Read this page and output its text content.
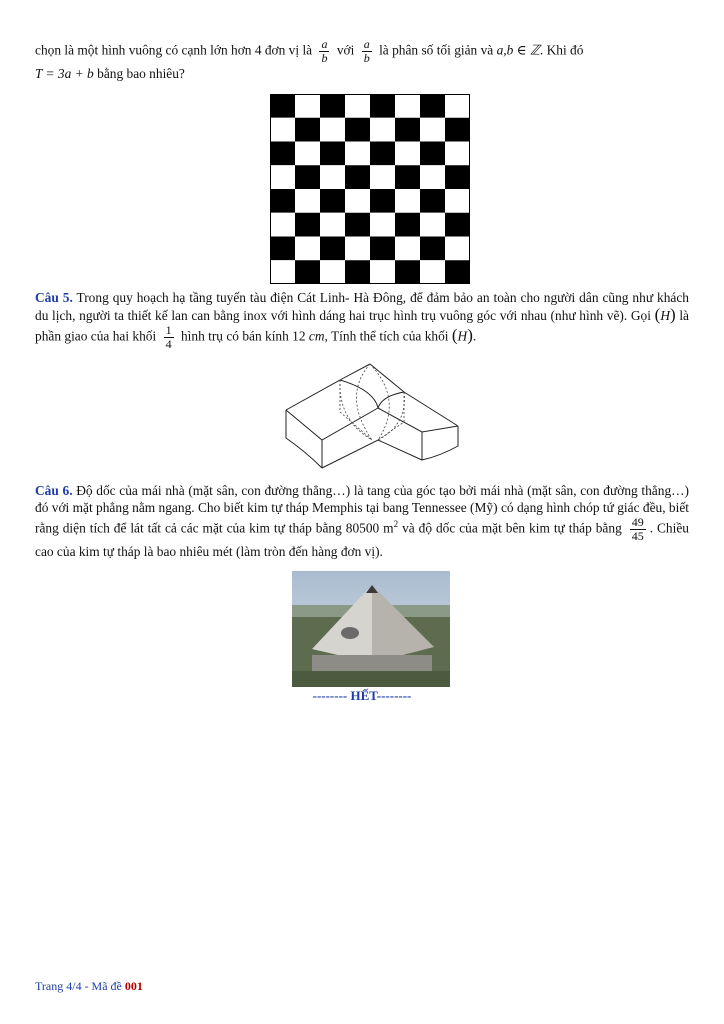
chọn là một hình vuông có cạnh lớn hơn 4 đơn vị là $\frac{a}{b}$ với $\frac{a}{b}$ là phân số tối giản và a,b ∈ ℤ. Khi đó
T = 3a + b bằng bao nhiêu?
Câu 5. Trong quy hoạch hạ tầng tuyến tàu điện Cát Linh- Hà Đông, để đảm bảo an toàn cho người dân cũng như khách du lịch, người ta thiết kế lan can bằng inox với hình dáng hai trục hình trụ vuông góc với nhau (như hình vẽ). Gọi (H) là phần giao của hai khối $\frac{1}{4}$ hình trụ có bán kính 12 cm, Tính thể tích của khối (H).
Câu 6. Độ dốc của mái nhà (mặt sân, con đường thẳng…) là tang của góc tạo bởi mái nhà (mặt sân, con đường thẳng…) đó với mặt phẳng nằm ngang. Cho biết kim tự tháp Memphis tại bang Tennessee (Mỹ) có dạng hình chóp tứ giác đều, biết rằng diện tích để lát tất cả các mặt của kim tự tháp bằng 80500 $m^2$ và độ dốc của mặt bên kim tự tháp bằng $\frac{49}{45}$ . Chiều cao của kim tự tháp là bao nhiêu mét (làm tròn đến hàng đơn vị).
-------- HẾT--------
Trang 4/4 - Mã đề 001
